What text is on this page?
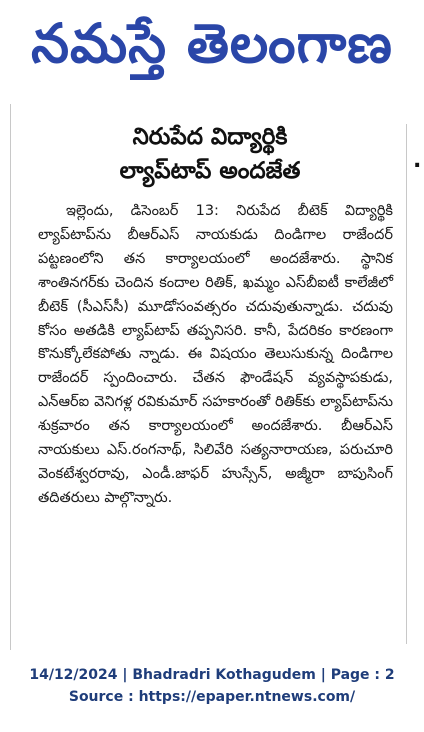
నమస్తే తెలంగాణ
నిరుపేద విద్యార్థికి
ల్యాప్‌టాప్ అందజేత

ఇల్లెందు, డిసెంబర్ 13: నిరుపేద బీటెక్ విద్యార్థికి ల్యాప్‌టాప్‌ను బీఆర్‌ఎస్ నాయకుడు దిండిగాల రాజేందర్ పట్టణంలోని తన కార్యాలయంలో అందజేశారు. స్థానిక శాంతినగర్‌కు చెందిన కందాల రితిక్, ఖమ్మం ఎస్‌బీఐటీ కాలేజీలో బీటెక్ (సీఎస్‌సీ) మూడోసంవత్సరం చదువుతున్నాడు. చదువు కోసం అతడికి ల్యాప్‌టాప్ తప్పనిసరి. కానీ, పేదరికం కారణంగా కొనుక్కోలేకపోతు న్నాడు. ఈ విషయం తెలుసుకున్న దిండిగాల రాజేందర్ స్పందించారు. చేతన ఫౌండేషన్ వ్యవస్థాపకుడు, ఎన్‌ఆర్‌ఐ వెనిగళ్ల రవికుమార్ సహకారంతో రితిక్‌కు ల్యాప్‌టాప్‌ను శుక్రవారం తన కార్యాలయంలో అందజేశారు. బీఆర్‌ఎస్ నాయకులు ఎస్.రంగనాథ్, సిలివేరి సత్యనారాయణ, పరుచూరి వెంకటేశ్వరరావు, ఎండీ.జాఫర్ హుస్సేన్, అజ్మీరా బాపుసింగ్ తదితరులు పాల్గొన్నారు.

.
14/12/2024 | Bhadradri Kothagudem | Page : 2
Source : https://epaper.ntnews.com/
